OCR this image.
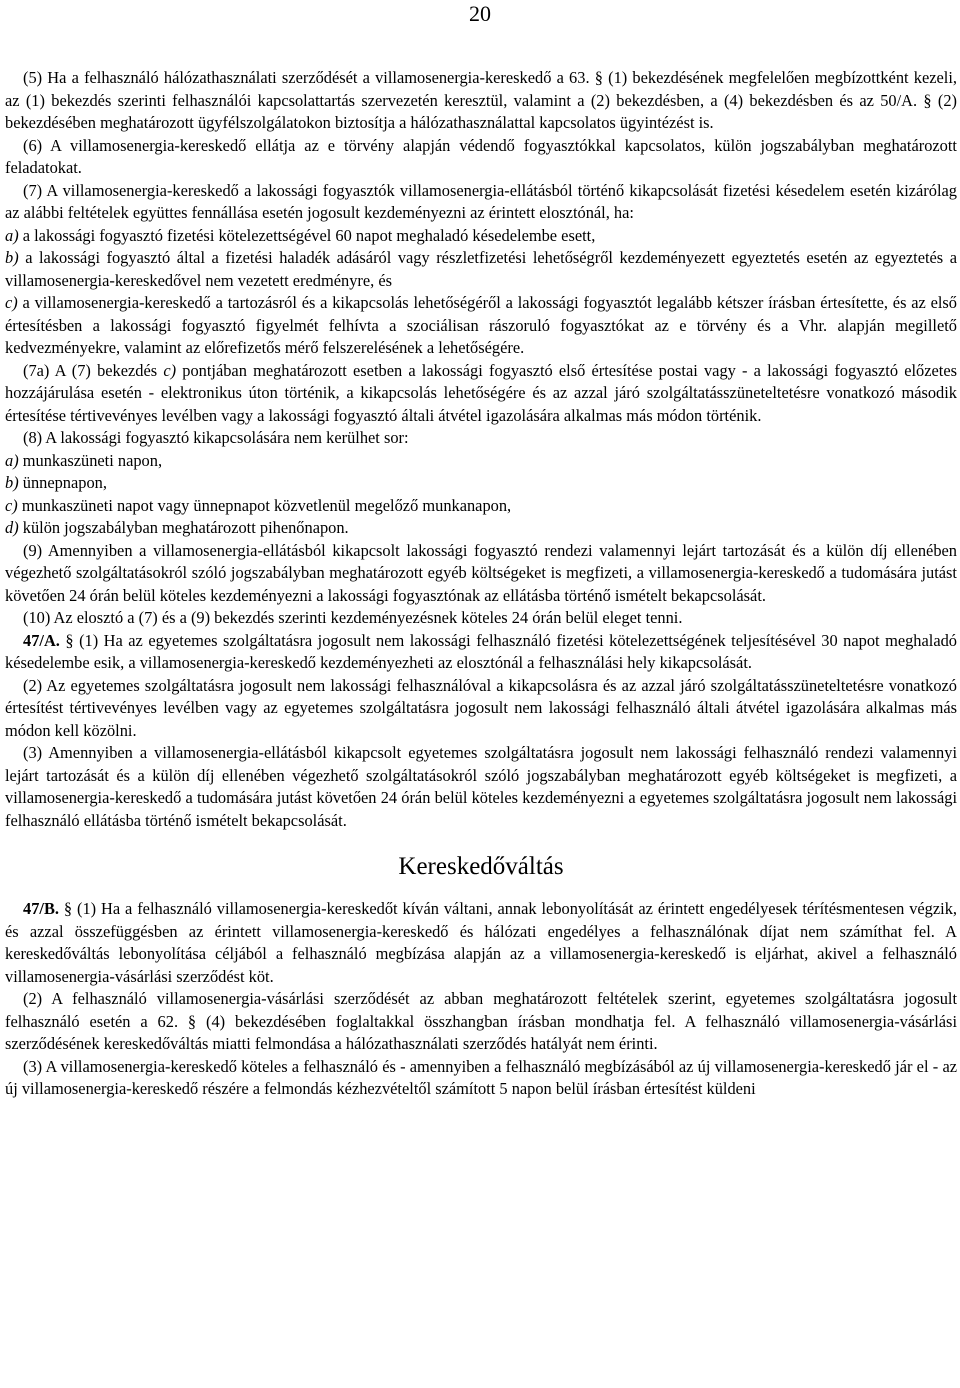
20

(5) Ha a felhasználó hálózathasználati szerződését a villamosenergia-kereskedő a 63. § (1) bekezdésének megfelelően megbízottként kezeli, az (1) bekezdés szerinti felhasználói kapcsolattartás szervezetén keresztül, valamint a (2) bekezdésben, a (4) bekezdésben és az 50/A. § (2) bekezdésében meghatározott ügyfélszolgálatokon biztosítja a hálózathasználattal kapcsolatos ügyintézést is.

(6) A villamosenergia-kereskedő ellátja az e törvény alapján védendő fogyasztókkal kapcsolatos, külön jogszabályban meghatározott feladatokat.

(7) A villamosenergia-kereskedő a lakossági fogyasztók villamosenergia-ellátásból történő kikapcsolását fizetési késedelem esetén kizárólag az alábbi feltételek együttes fennállása esetén jogosult kezdeményezni az érintett elosztónál, ha:

a) a lakossági fogyasztó fizetési kötelezettségével 60 napot meghaladó késedelembe esett,

b) a lakossági fogyasztó által a fizetési haladék adásáról vagy részletfizetési lehetőségről kezdeményezett egyeztetés esetén az egyeztetés a villamosenergia-kereskedővel nem vezetett eredményre, és

c) a villamosenergia-kereskedő a tartozásról és a kikapcsolás lehetőségéről a lakossági fogyasztót legalább kétszer írásban értesítette, és az első értesítésben a lakossági fogyasztó figyelmét felhívta a szociálisan rászoruló fogyasztókat az e törvény és a Vhr. alapján megillető kedvezményekre, valamint az előrefizetős mérő felszerelésének a lehetőségére.

(7a) A (7) bekezdés c) pontjában meghatározott esetben a lakossági fogyasztó első értesítése postai vagy - a lakossági fogyasztó előzetes hozzájárulása esetén - elektronikus úton történik, a kikapcsolás lehetőségére és az azzal járó szolgáltatásszüneteltetésre vonatkozó második értesítése tértivevényes levélben vagy a lakossági fogyasztó általi átvétel igazolására alkalmas más módon történik.

(8) A lakossági fogyasztó kikapcsolására nem kerülhet sor:

a) munkaszüneti napon,

b) ünnepnapon,

c) munkaszüneti napot vagy ünnepnapot közvetlenül megelőző munkanapon,

d) külön jogszabályban meghatározott pihenőnapon.

(9) Amennyiben a villamosenergia-ellátásból kikapcsolt lakossági fogyasztó rendezi valamennyi lejárt tartozását és a külön díj ellenében végezhető szolgáltatásokról szóló jogszabályban meghatározott egyéb költségeket is megfizeti, a villamosenergia-kereskedő a tudomására jutást követően 24 órán belül köteles kezdeményezni a lakossági fogyasztónak az ellátásba történő ismételt bekapcsolását.

(10) Az elosztó a (7) és a (9) bekezdés szerinti kezdeményezésnek köteles 24 órán belül eleget tenni.

47/A. § (1) Ha az egyetemes szolgáltatásra jogosult nem lakossági felhasználó fizetési kötelezettségének teljesítésével 30 napot meghaladó késedelembe esik, a villamosenergia-kereskedő kezdeményezheti az elosztónál a felhasználási hely kikapcsolását.

(2) Az egyetemes szolgáltatásra jogosult nem lakossági felhasználóval a kikapcsolásra és az azzal járó szolgáltatásszüneteltetésre vonatkozó értesítést tértivevényes levélben vagy az egyetemes szolgáltatásra jogosult nem lakossági felhasználó általi átvétel igazolására alkalmas más módon kell közölni.

(3) Amennyiben a villamosenergia-ellátásból kikapcsolt egyetemes szolgáltatásra jogosult nem lakossági felhasználó rendezi valamennyi lejárt tartozását és a külön díj ellenében végezhető szolgáltatásokról szóló jogszabályban meghatározott egyéb költségeket is megfizeti, a villamosenergia-kereskedő a tudomására jutást követően 24 órán belül köteles kezdeményezni a egyetemes szolgáltatásra jogosult nem lakossági felhasználó ellátásba történő ismételt bekapcsolását.

Kereskedőváltás

47/B. § (1) Ha a felhasználó villamosenergia-kereskedőt kíván váltani, annak lebonyolítását az érintett engedélyesek térítésmentesen végzik, és azzal összefüggésben az érintett villamosenergia-kereskedő és hálózati engedélyes a felhasználónak díjat nem számíthat fel. A kereskedőváltás lebonyolítása céljából a felhasználó megbízása alapján az a villamosenergia-kereskedő is eljárhat, akivel a felhasználó villamosenergia-vásárlási szerződést köt.

(2) A felhasználó villamosenergia-vásárlási szerződését az abban meghatározott feltételek szerint, egyetemes szolgáltatásra jogosult felhasználó esetén a 62. § (4) bekezdésében foglaltakkal összhangban írásban mondhatja fel. A felhasználó villamosenergia-vásárlási szerződésének kereskedőváltás miatti felmondása a hálózathasználati szerződés hatályát nem érinti.

(3) A villamosenergia-kereskedő köteles a felhasználó és - amennyiben a felhasználó megbízásából az új villamosenergia-kereskedő jár el - az új villamosenergia-kereskedő részére a felmondás kézhezvételtől számított 5 napon belül írásban értesítést küldeni
